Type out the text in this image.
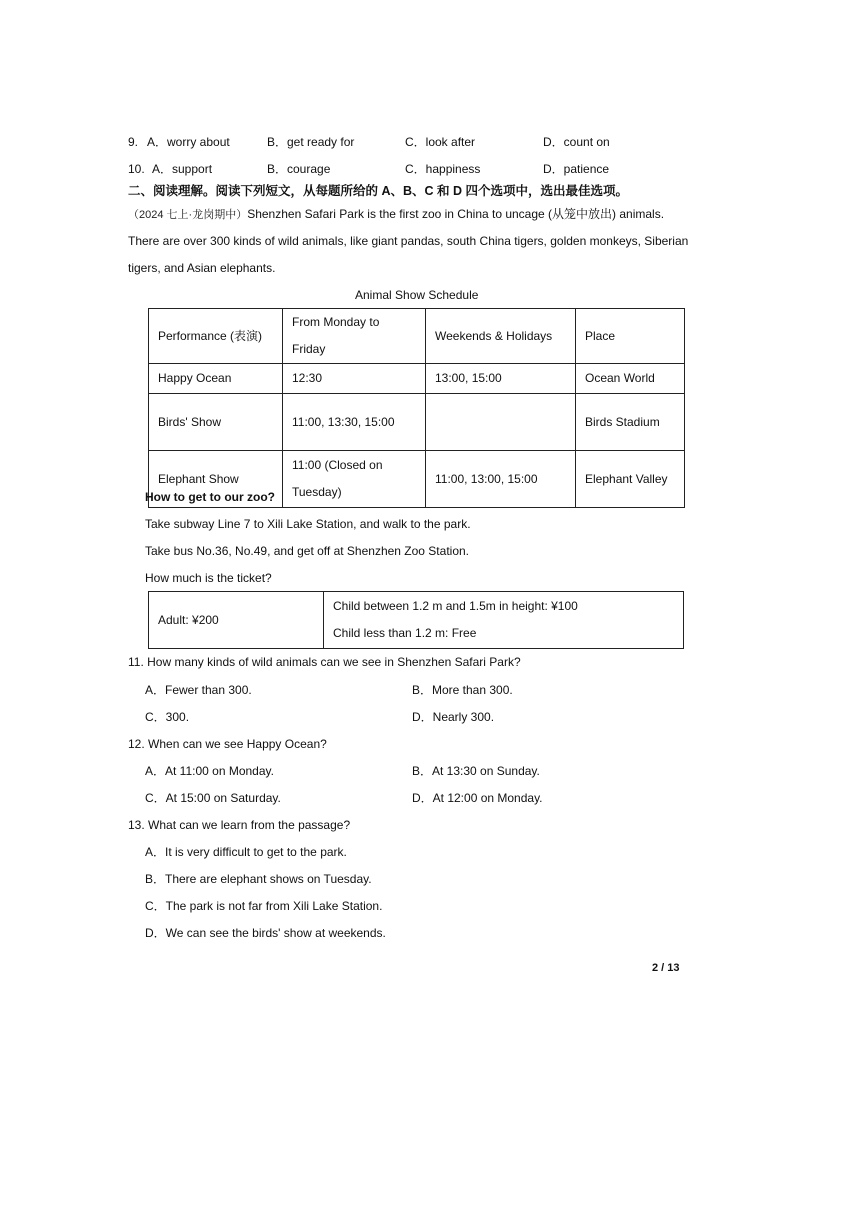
9. A．worry about	B．get ready for	C．look after	D．count on
10. A．support	B．courage	C．happiness	D．patience
二、阅读理解。阅读下列短文，从每题所给的 A、B、C 和 D 四个选项中，选出最佳选项。
（2024 七上·龙岗期中）Shenzhen Safari Park is the first zoo in China to uncage (从笼中放出) animals.
There are over 300 kinds of wild animals, like giant pandas, south China tigers, golden monkeys, Siberian
tigers, and Asian elephants.
Animal Show Schedule
Performance (表演)	From Monday to Friday	Weekends & Holidays	Place
Happy Ocean	12:30	13:00, 15:00	Ocean World
Birds' Show	11:00, 13:30, 15:00		Birds Stadium
Elephant Show	11:00 (Closed on
Tuesday)	11:00, 13:00, 15:00	Elephant Valley
How to get to our zoo?
Take subway Line 7 to Xili Lake Station, and walk to the park.
Take bus No.36, No.49, and get off at Shenzhen Zoo Station.
How much is the ticket?
Adult: ¥200	
Child between 1.2 m and 1.5m in height: ¥100
Child less than 1.2 m: Free
11. How many kinds of wild animals can we see in Shenzhen Safari Park?
A．Fewer than 300.	B．More than 300.
C．300.	D．Nearly 300.
12. When can we see Happy Ocean?
A．At 11:00 on Monday.	B．At 13:30 on Sunday.
C．At 15:00 on Saturday.	D．At 12:00 on Monday.
13. What can we learn from the passage?
A．It is very difficult to get to the park.
B．There are elephant shows on Tuesday.
C．The park is not far from Xili Lake Station.
D．We can see the birds' show at weekends.
2 / 13
